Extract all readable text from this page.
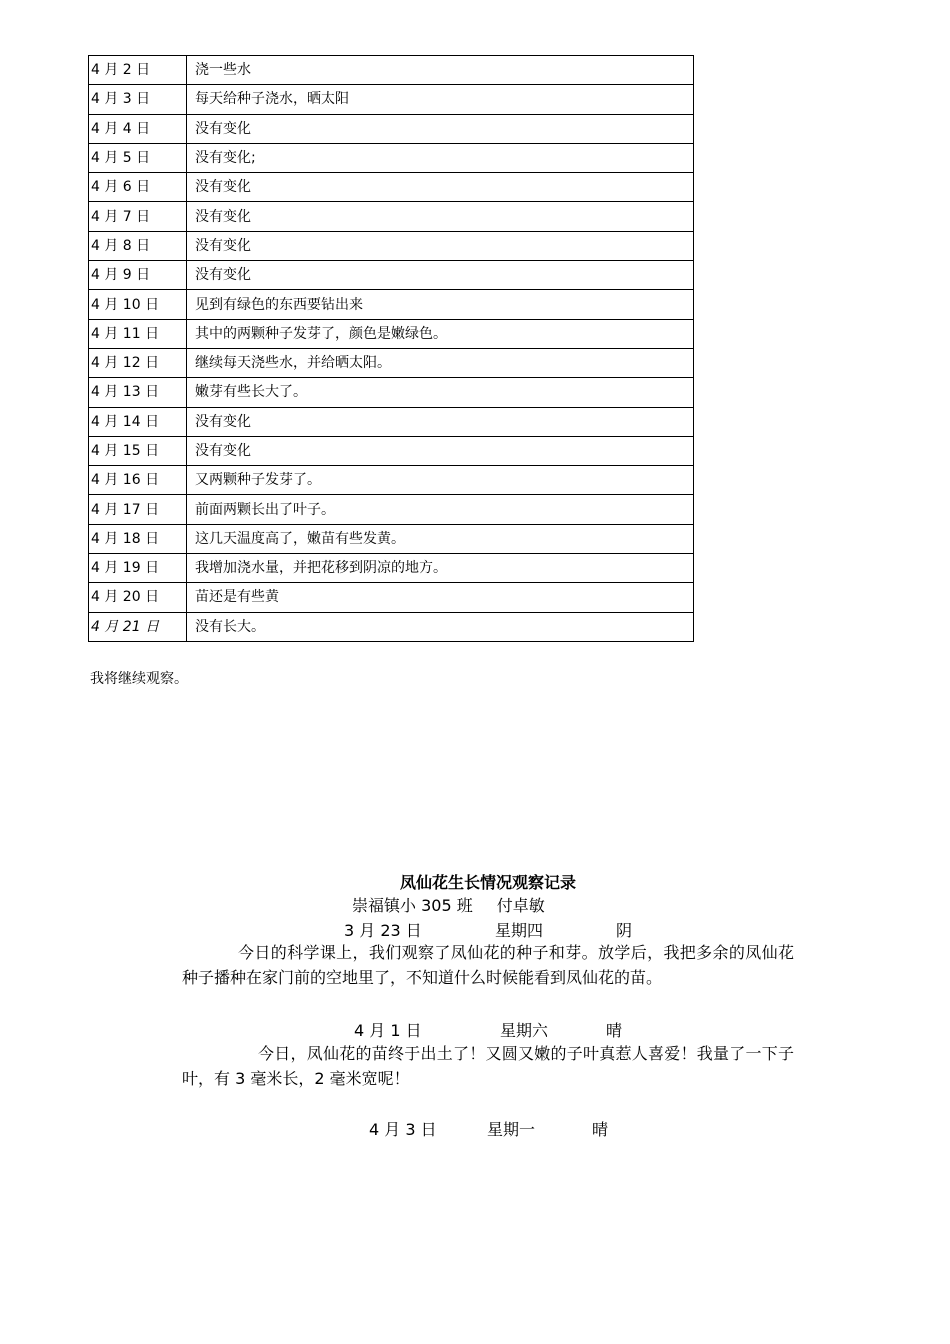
4 月 2 日	浇一些水
4 月 3 日	每天给种子浇水，晒太阳
4 月 4 日	没有变化
4 月 5 日	没有变化;
4 月 6 日	没有变化
4 月 7 日	没有变化
4 月 8 日	没有变化
4 月 9 日	没有变化
4 月 10 日	见到有绿色的东西要钻出来
4 月 11 日	其中的两颗种子发芽了，颜色是嫩绿色。
4 月 12 日	继续每天浇些水，并给晒太阳。
4 月 13 日	嫩芽有些长大了。
4 月 14 日	没有变化
4 月 15 日	没有变化
4 月 16 日	又两颗种子发芽了。
4 月 17 日	前面两颗长出了叶子。
4 月 18 日	这几天温度高了，嫩苗有些发黄。
4 月 19 日	我增加浇水量，并把花移到阴凉的地方。
4 月 20 日	苗还是有些黄
4 月 21 日	没有长大。
我将继续观察。
凤仙花生长情况观察记录
崇福镇小 305 班 付卓敏
3 月 23 日	星期四	阴

今日的科学课上，我们观察了凤仙花的种子和芽。放学后，我把多余的凤仙花种子播种在家门前的空地里了，不知道什么时候能看到凤仙花的苗。

4 月 1 日	星期六	晴

今日，凤仙花的苗终于出土了！又圆又嫩的子叶真惹人喜爱！我量了一下子叶，有 3 毫米长，2 毫米宽呢！

4 月 3 日	星期一	晴
